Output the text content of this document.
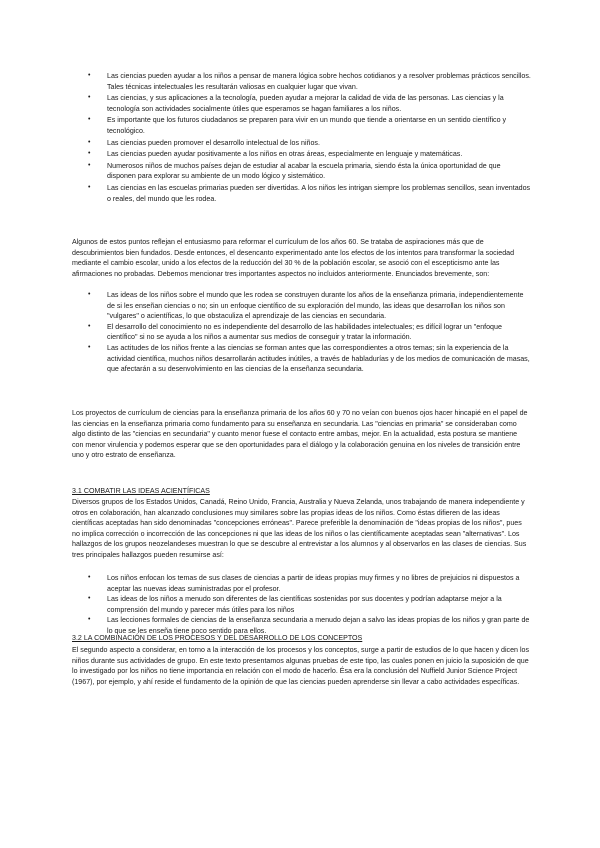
• Las ciencias pueden ayudar a los niños a pensar de manera lógica sobre hechos cotidianos y a resolver problemas prácticos sencillos. Tales técnicas intelectuales les resultarán valiosas en cualquier lugar que vivan.
• Las ciencias, y sus aplicaciones a la tecnología, pueden ayudar a mejorar la calidad de vida de las personas. Las ciencias y la tecnología son actividades socialmente útiles que esperamos se hagan familiares a los niños.
• Es importante que los futuros ciudadanos se preparen para vivir en un mundo que tiende a orientarse en un sentido científico y tecnológico.
• Las ciencias pueden promover el desarrollo intelectual de los niños.
• Las ciencias pueden ayudar positivamente a los niños en otras áreas, especialmente en lenguaje y matemáticas.
• Numerosos niños de muchos países dejan de estudiar al acabar la escuela primaria, siendo ésta la única oportunidad de que disponen para explorar su ambiente de un modo lógico y sistemático.
• Las ciencias en las escuelas primarias pueden ser divertidas. A los niños les intrigan siempre los problemas sencillos, sean inventados o reales, del mundo que les rodea.

Algunos de estos puntos reflejan el entusiasmo para reformar el currículum de los años 60. Se trataba de aspiraciones más que de descubrimientos bien fundados. Desde entonces, el desencanto experimentado ante los efectos de los intentos para transformar la sociedad mediante el cambio escolar, unido a los efectos de la reducción del 30 % de la población escolar, se asoció con el escepticismo ante las afirmaciones no probadas. Debemos mencionar tres importantes aspectos no incluidos anteriormente. Enunciados brevemente, son:

• Las ideas de los niños sobre el mundo que les rodea se construyen durante los años de la enseñanza primaria, independientemente de si les enseñan ciencias o no; sin un enfoque científico de su exploración del mundo, las ideas que desarrollan los niños son "vulgares" o acientíficas, lo que obstaculiza el aprendizaje de las ciencias en secundaria.
• El desarrollo del conocimiento no es independiente del desarrollo de las habilidades intelectuales; es difícil lograr un "enfoque científico" si no se ayuda a los niños a aumentar sus medios de conseguir y tratar la información.
• Las actitudes de los niños frente a las ciencias se forman antes que las correspondientes a otros temas; sin la experiencia de la actividad científica, muchos niños desarrollarán actitudes inútiles, a través de habladurías y de los medios de comunicación de masas, que afectarán a su desenvolvimiento en las ciencias de la enseñanza secundaria.

Los proyectos de currículum de ciencias para la enseñanza primaria de los años 60 y 70 no veían con buenos ojos hacer hincapié en el papel de las ciencias en la enseñanza primaria como fundamento para su enseñanza en secundaria. Las "ciencias en primaria" se consideraban como algo distinto de las "ciencias en secundaria" y cuanto menor fuese el contacto entre ambas, mejor. En la actualidad, esta postura se mantiene con menor virulencia y podemos esperar que se den oportunidades para el diálogo y la colaboración genuina en los niveles de transición entre uno y otro estrato de enseñanza.

3.1 COMBATIR LAS IDEAS ACIENTÍFICAS

Diversos grupos de los Estados Unidos, Canadá, Reino Unido, Francia, Australia y Nueva Zelanda, unos trabajando de manera independiente y otros en colaboración, han alcanzado conclusiones muy similares sobre las propias ideas de los niños. Como éstas difieren de las ideas científicas aceptadas han sido denominadas "concepciones erróneas". Parece preferible la denominación de "ideas propias de los niños", pues no implica corrección o incorrección de las concepciones ni que las ideas de los niños o las científicamente aceptadas sean "alternativas". Los hallazgos de los grupos neozelandeses muestran lo que se descubre al entrevistar a los alumnos y al observarlos en las clases de ciencias. Sus tres principales hallazgos pueden resumirse así:

• Los niños enfocan los temas de sus clases de ciencias a partir de ideas propias muy firmes y no libres de prejuicios ni dispuestos a aceptar las nuevas ideas suministradas por el profesor.
• Las ideas de los niños a menudo son diferentes de las científicas sostenidas por sus docentes y podrían adaptarse mejor a la comprensión del mundo y parecer más útiles para los niños
• Las lecciones formales de ciencias de la enseñanza secundaria a menudo dejan a salvo las ideas propias de los niños y gran parte de lo que se les enseña tiene poco sentido para ellos.

3.2 LA COMBINACIÓN DE LOS PROCESOS Y DEL DESARROLLO DE LOS CONCEPTOS

El segundo aspecto a considerar, en torno a la interacción de los procesos y los conceptos, surge a partir de estudios de lo que hacen y dicen los niños durante sus actividades de grupo. En este texto presentamos algunas pruebas de este tipo, las cuales ponen en juicio la suposición de que lo investigado por los niños no tiene importancia en relación con el modo de hacerlo. Ésa era la conclusión del Nuffield Junior Science Project (1967), por ejemplo, y ahí reside el fundamento de la opinión de que las ciencias pueden aprenderse sin llevar a cabo actividades específicas.
